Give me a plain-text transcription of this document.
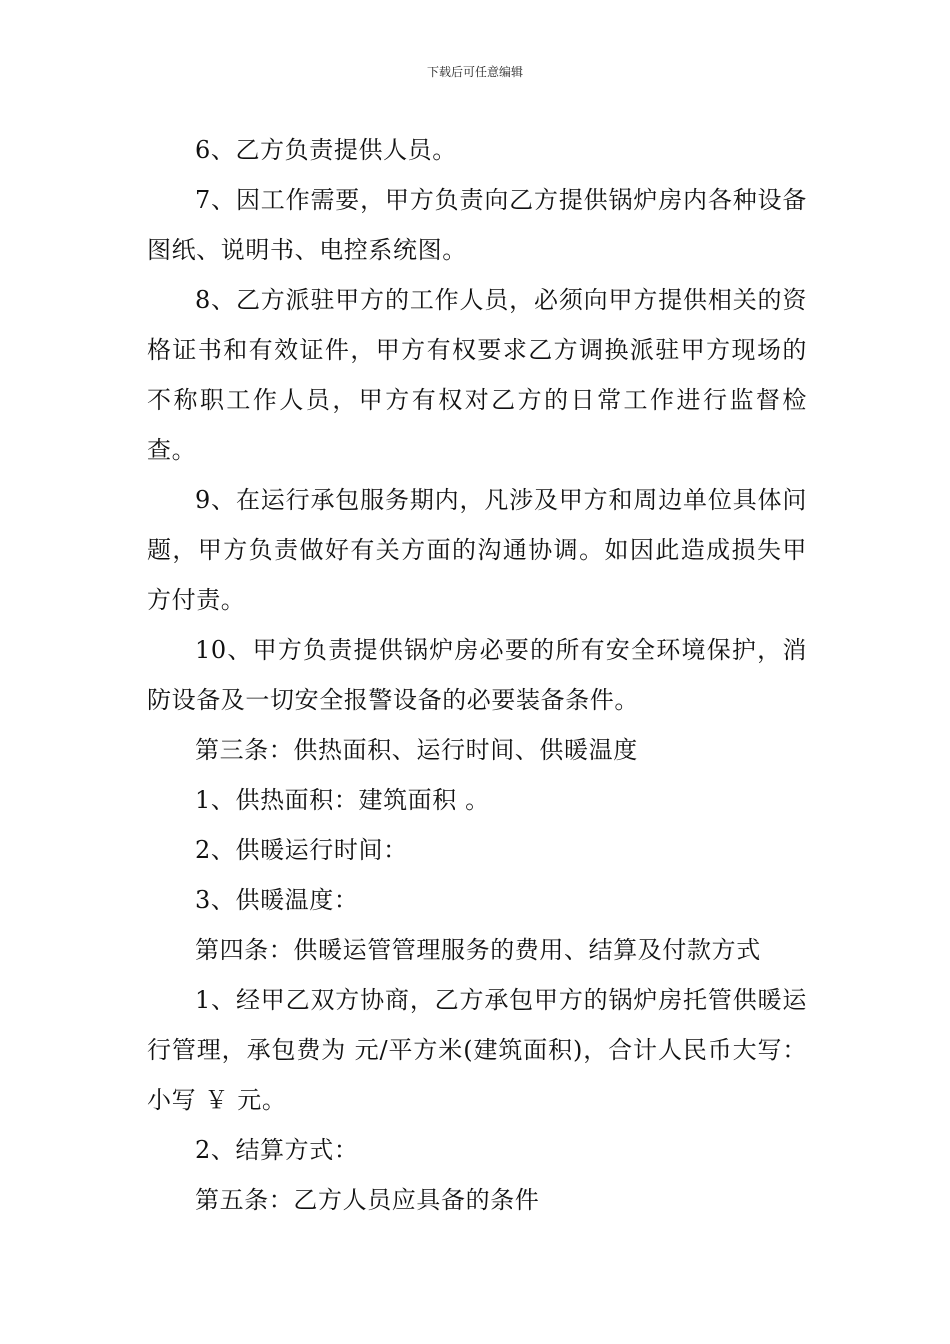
下载后可任意编辑

6、乙方负责提供人员。

7、因工作需要，甲方负责向乙方提供锅炉房内各种设备图纸、说明书、电控系统图。

8、乙方派驻甲方的工作人员，必须向甲方提供相关的资格证书和有效证件，甲方有权要求乙方调换派驻甲方现场的不称职工作人员，甲方有权对乙方的日常工作进行监督检查。

9、在运行承包服务期内，凡涉及甲方和周边单位具体问题，甲方负责做好有关方面的沟通协调。如因此造成损失甲方付责。

10、甲方负责提供锅炉房必要的所有安全环境保护，消防设备及一切安全报警设备的必要装备条件。

第三条：供热面积、运行时间、供暖温度

1、供热面积：建筑面积 。

2、供暖运行时间：

3、供暖温度：

第四条：供暖运管管理服务的费用、结算及付款方式

1、经甲乙双方协商，乙方承包甲方的锅炉房托管供暖运行管理，承包费为 元/平方米(建筑面积)，合计人民币大写： 小写 ￥ 元。

2、结算方式：

第五条：乙方人员应具备的条件
